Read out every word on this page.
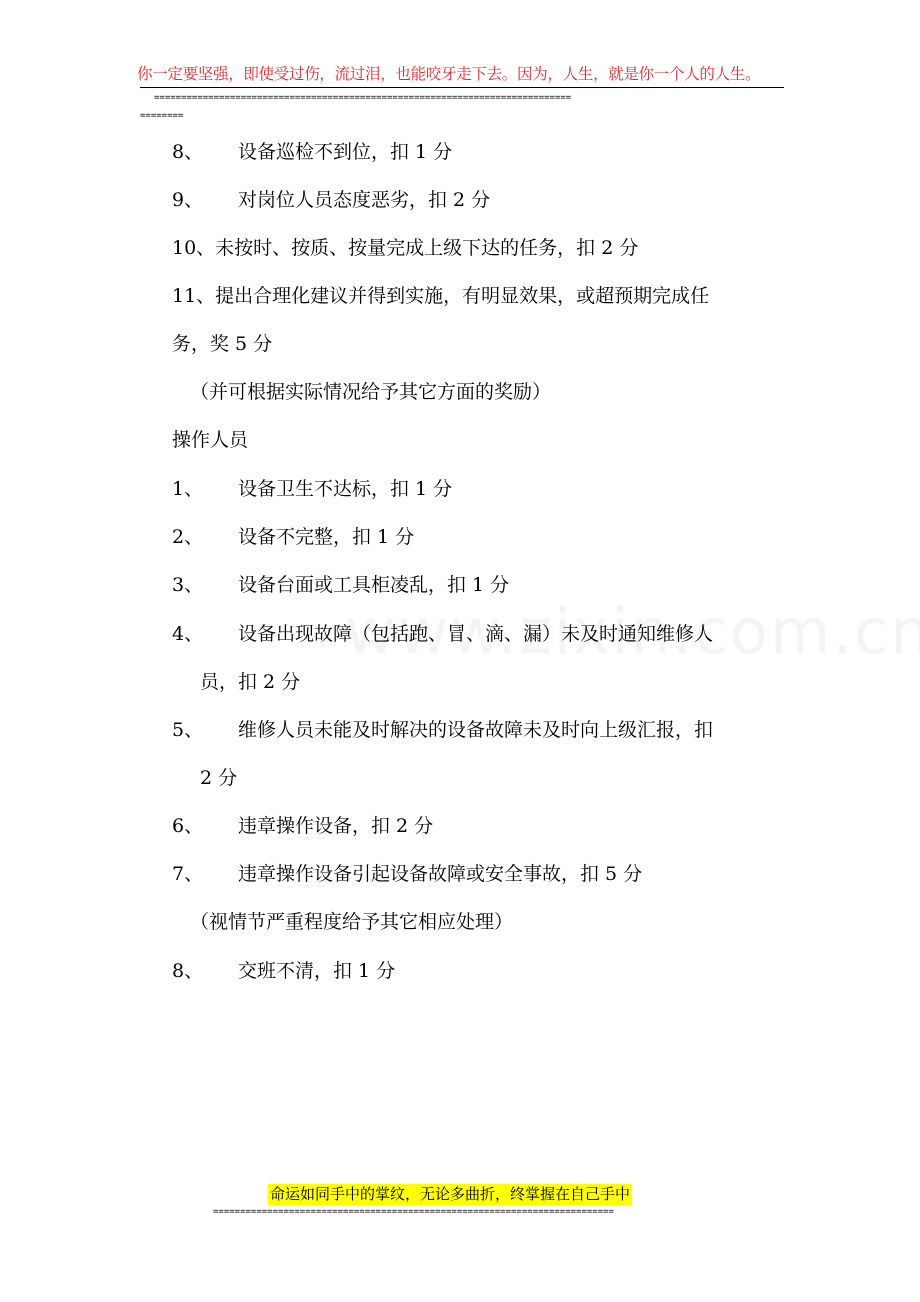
你一定要坚强，即使受过伤，流过泪，也能咬牙走下去。因为，人生，就是你一个人的人生。
=============================================================================
========
8、 设备巡检不到位，扣 1 分
9、 对岗位人员态度恶劣，扣 2 分
10、未按时、按质、按量完成上级下达的任务，扣 2 分
11、提出合理化建议并得到实施，有明显效果，或超预期完成任
务，奖 5 分
（并可根据实际情况给予其它方面的奖励）
操作人员
1、 设备卫生不达标，扣 1 分
2、 设备不完整，扣 1 分
3、 设备台面或工具柜凌乱，扣 1 分
4、 设备出现故障（包括跑、冒、滴、漏）未及时通知维修人
员，扣 2 分
5、 维修人员未能及时解决的设备故障未及时向上级汇报，扣
2 分
6、 违章操作设备，扣 2 分
7、 违章操作设备引起设备故障或安全事故，扣 5 分
（视情节严重程度给予其它相应处理）
8、 交班不清，扣 1 分
命运如同手中的掌纹，无论多曲折，终掌握在自己手中
==========================================================================
